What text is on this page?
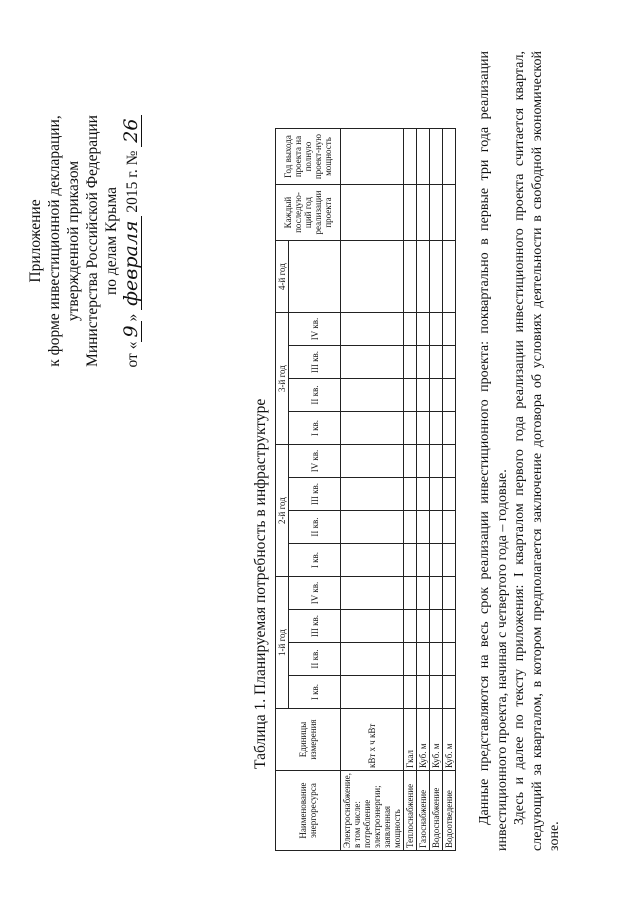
Приложение к форме инвестиционной декларации, утвержденной приказом Министерства Российской Федерации по делам Крыма
от «9» февраля 2015 г. № 26
Таблица 1. Планируемая потребность в инфраструктуре
Наименование энергоресурса	Единицы измерения	1-й год				2-й год				3-й год				4-й год	Каждый последую-щий год реализации проекта	Год выхода проекта на полную проект-ную мощность
		I кв.	II кв.	III кв.	IV кв.	I кв.	II кв.	III кв.	IV кв.	I кв.	II кв.	III кв.	IV кв.			
Электроснабжение, в том числе: потребление электроэнергии; заявленная мощность	кВт х ч кВт															
Теплоснабжение	Гкал															
Газоснабжение	Куб. м															
Водоснабжение	Куб. м															
Водоотведение	Куб. м															Данные представляются на весь срок реализации инвестиционного проекта: поквартально в первые три года реализации инвестиционного проекта, начиная с четвертого года – годовые. Здесь и далее по тексту приложения: I кварталом первого года реализации инвестиционного проекта считается квартал, следующий за кварталом, в котором предполагается заключение договора об условиях деятельности в свободной экономической зоне.
